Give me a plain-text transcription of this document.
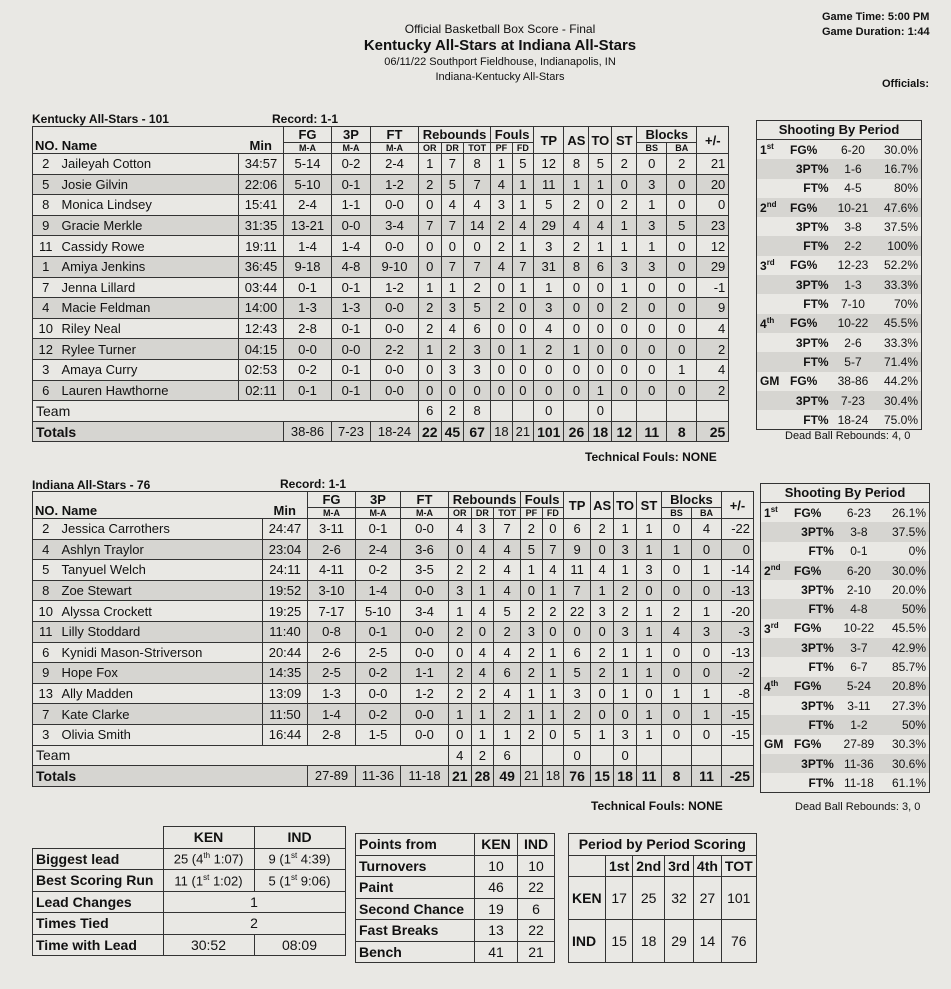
Official Basketball Box Score - Final
Kentucky All-Stars at Indiana All-Stars
06/11/22 Southport Fieldhouse, Indianapolis, IN
Indiana-Kentucky All-Stars
Game Time: 5:00 PM
Game Duration: 1:44
Officials:
Kentucky All-Stars - 101	Record: 1-1
NO. Name		Min	FG	3P	FT	Rebounds			Fouls		TP	AS	TO	ST	Blocks		+/-
			M-A	M-A	M-A	OR	DR	TOT	PF	FD					BS	BA	
2	Jaileyah Cotton	34:57	5-14	0-2	2-4	1	7	8	1	5	12	8	5	2	0	2	21
5	Josie Gilvin	22:06	5-10	0-1	1-2	2	5	7	4	1	11	1	1	0	3	0	20
8	Monica Lindsey	15:41	2-4	1-1	0-0	0	4	4	3	1	5	2	0	2	1	0	0
9	Gracie Merkle	31:35	13-21	0-0	3-4	7	7	14	2	4	29	4	4	1	3	5	23
11	Cassidy Rowe	19:11	1-4	1-4	0-0	0	0	0	2	1	3	2	1	1	1	0	12
1	Amiya Jenkins	36:45	9-18	4-8	9-10	0	7	7	4	7	31	8	6	3	3	0	29
7	Jenna Lillard	03:44	0-1	0-1	1-2	1	1	2	0	1	1	0	0	1	0	0	-1
4	Macie Feldman	14:00	1-3	1-3	0-0	2	3	5	2	0	3	0	0	2	0	0	9
10	Riley Neal	12:43	2-8	0-1	0-0	2	4	6	0	0	4	0	0	0	0	0	4
12	Rylee Turner	04:15	0-0	0-0	2-2	1	2	3	0	1	2	1	0	0	0	0	2
3	Amaya Curry	02:53	0-2	0-1	0-0	0	3	3	0	0	0	0	0	0	0	1	4
6	Lauren Hawthorne	02:11	0-1	0-1	0-0	0	0	0	0	0	0	0	1	0	0	0	2
Team						6	2	8			0		0				
Totals			38-86	7-23	18-24	22	45	67	18	21	101	26	18	12	11	8	25
Technical Fouls: NONE
Shooting By Period
1st	FG%	6-20	30.0%
	3PT%	1-6	16.7%
	FT%	4-5	80%
2nd	FG%	10-21	47.6%
	3PT%	3-8	37.5%
	FT%	2-2	100%
3rd	FG%	12-23	52.2%
	3PT%	1-3	33.3%
	FT%	7-10	70%
4th	FG%	10-22	45.5%
	3PT%	2-6	33.3%
	FT%	5-7	71.4%
GM	FG%	38-86	44.2%
	3PT%	7-23	30.4%
	FT%	18-24	75.0%
Dead Ball Rebounds: 4, 0
Indiana All-Stars - 76	Record: 1-1
NO. Name		Min	FG	3P	FT	Rebounds			Fouls		TP	AS	TO	ST	Blocks		+/-
			M-A	M-A	M-A	OR	DR	TOT	PF	FD					BS	BA	
2	Jessica Carrothers	24:47	3-11	0-1	0-0	4	3	7	2	0	6	2	1	1	0	4	-22
4	Ashlyn Traylor	23:04	2-6	2-4	3-6	0	4	4	5	7	9	0	3	1	1	0	0
5	Tanyuel Welch	24:11	4-11	0-2	3-5	2	2	4	1	4	11	4	1	3	0	1	-14
8	Zoe Stewart	19:52	3-10	1-4	0-0	3	1	4	0	1	7	1	2	0	0	0	-13
10	Alyssa Crockett	19:25	7-17	5-10	3-4	1	4	5	2	2	22	3	2	1	2	1	-20
11	Lilly Stoddard	11:40	0-8	0-1	0-0	2	0	2	3	0	0	0	3	1	4	3	-3
6	Kynidi Mason-Striverson	20:44	2-6	2-5	0-0	0	4	4	2	1	6	2	1	1	0	0	-13
9	Hope Fox	14:35	2-5	0-2	1-1	2	4	6	2	1	5	2	1	1	0	0	-2
13	Ally Madden	13:09	1-3	0-0	1-2	2	2	4	1	1	3	0	1	0	1	1	-8
7	Kate Clarke	11:50	1-4	0-2	0-0	1	1	2	1	1	2	0	0	1	0	1	-15
3	Olivia Smith	16:44	2-8	1-5	0-0	0	1	1	2	0	5	1	3	1	0	0	-15
Team						4	2	6			0		0				
Totals			27-89	11-36	11-18	21	28	49	21	18	76	15	18	11	8	11	-25
Technical Fouls: NONE
Shooting By Period
1st	FG%	6-23	26.1%
	3PT%	3-8	37.5%
	FT%	0-1	0%
2nd	FG%	6-20	30.0%
	3PT%	2-10	20.0%
	FT%	4-8	50%
3rd	FG%	10-22	45.5%
	3PT%	3-7	42.9%
	FT%	6-7	85.7%
4th	FG%	5-24	20.8%
	3PT%	3-11	27.3%
	FT%	1-2	50%
GM	FG%	27-89	30.3%
	3PT%	11-36	30.6%
	FT%	11-18	61.1%
Dead Ball Rebounds: 3, 0
	KEN	IND
Biggest lead	25 (4th 1:07)	9 (1st 4:39)
Best Scoring Run	11 (1st 1:02)	5 (1st 9:06)
Lead Changes	1	
Times Tied	2	
Time with Lead	30:52	08:09
Points from	KEN	IND
Turnovers	10	10
Paint	46	22
Second Chance	19	6
Fast Breaks	13	22
Bench	41	21
Period by Period Scoring					
	1st	2nd	3rd	4th	TOT
KEN	17	25	32	27	101
IND	15	18	29	14	76
